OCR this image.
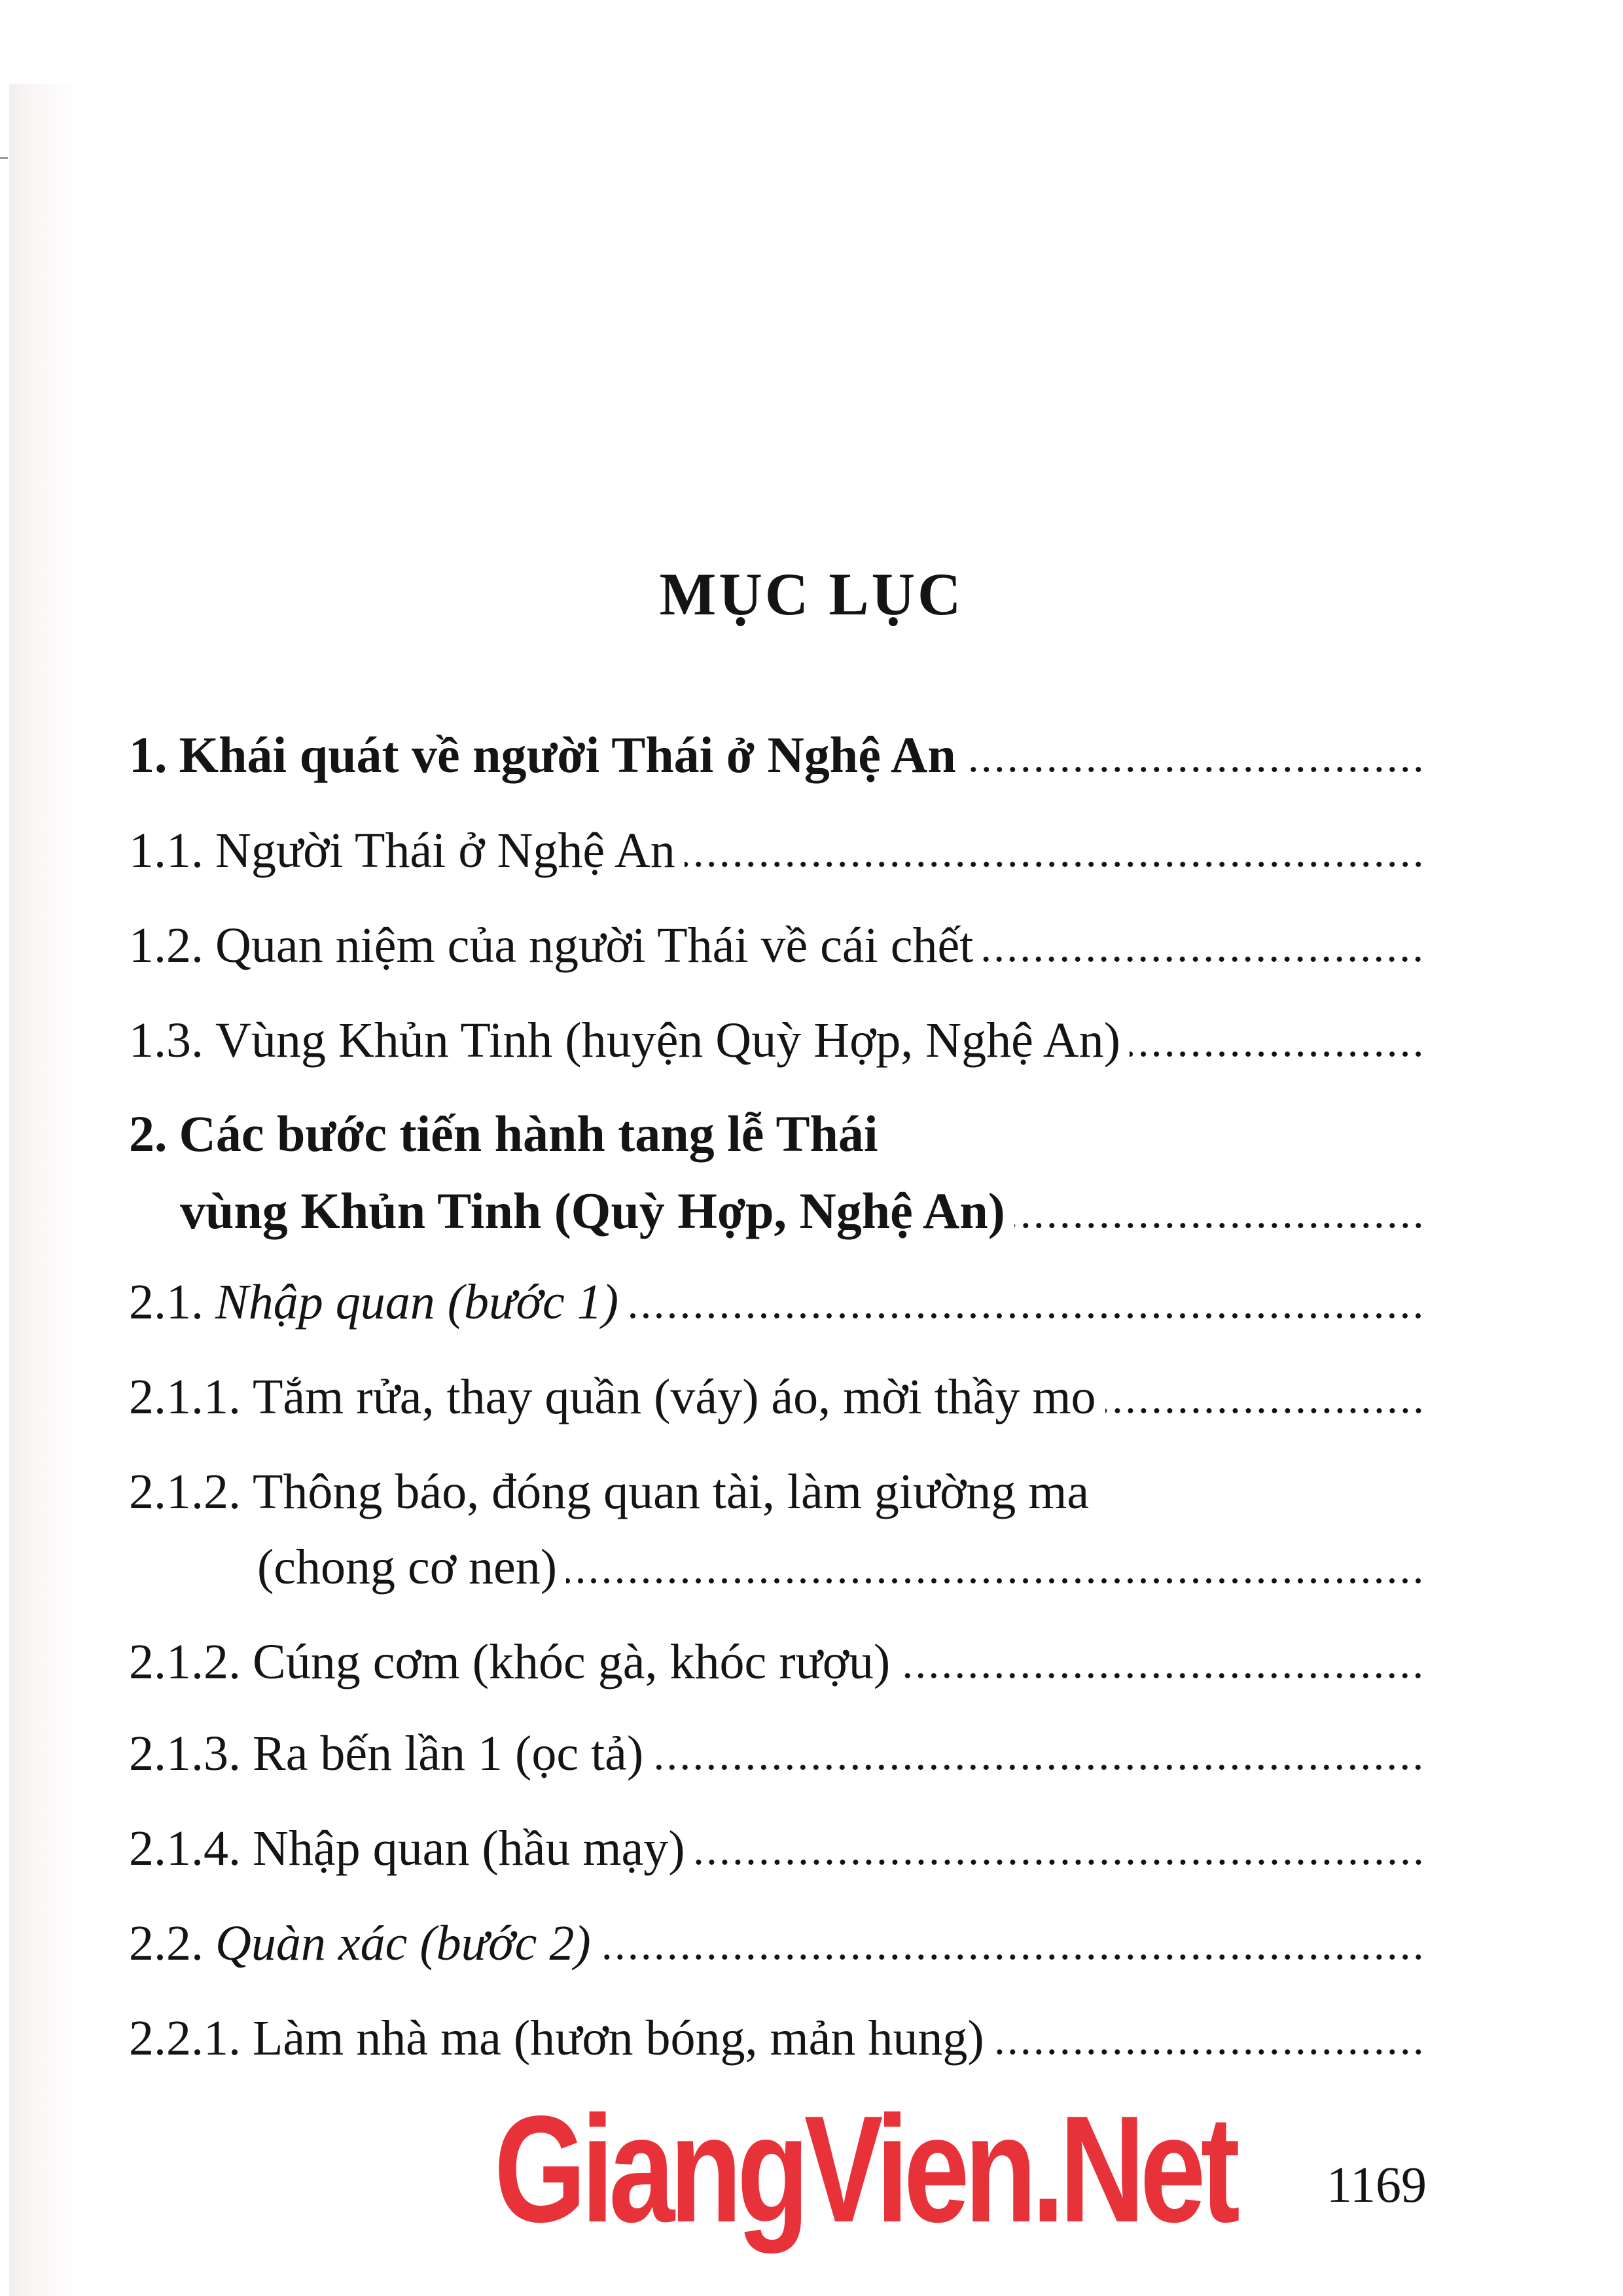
MỤC LỤC
1. Khái quát về người Thái ở Nghệ An
1.1. Người Thái ở Nghệ An
1.2. Quan niệm của người Thái về cái chết
1.3. Vùng Khủn Tinh (huyện Quỳ Hợp, Nghệ An)
2. Các bước tiến hành tang lễ Thái
vùng Khủn Tinh (Quỳ Hợp, Nghệ An)
2.1. Nhập quan (bước 1)
2.1.1. Tắm rửa, thay quần (váy) áo, mời thầy mo
2.1.2. Thông báo, đóng quan tài, làm giường ma
(chong cơ nen)
2.1.2. Cúng cơm (khóc gà, khóc rượu)
2.1.3. Ra bến lần 1 (ọc tả)
2.1.4. Nhập quan (hầu mạy)
2.2. Quàn xác (bước 2)
2.2.1. Làm nhà ma (hươn bóng, mản hung)
GiangVien.Net 1169
